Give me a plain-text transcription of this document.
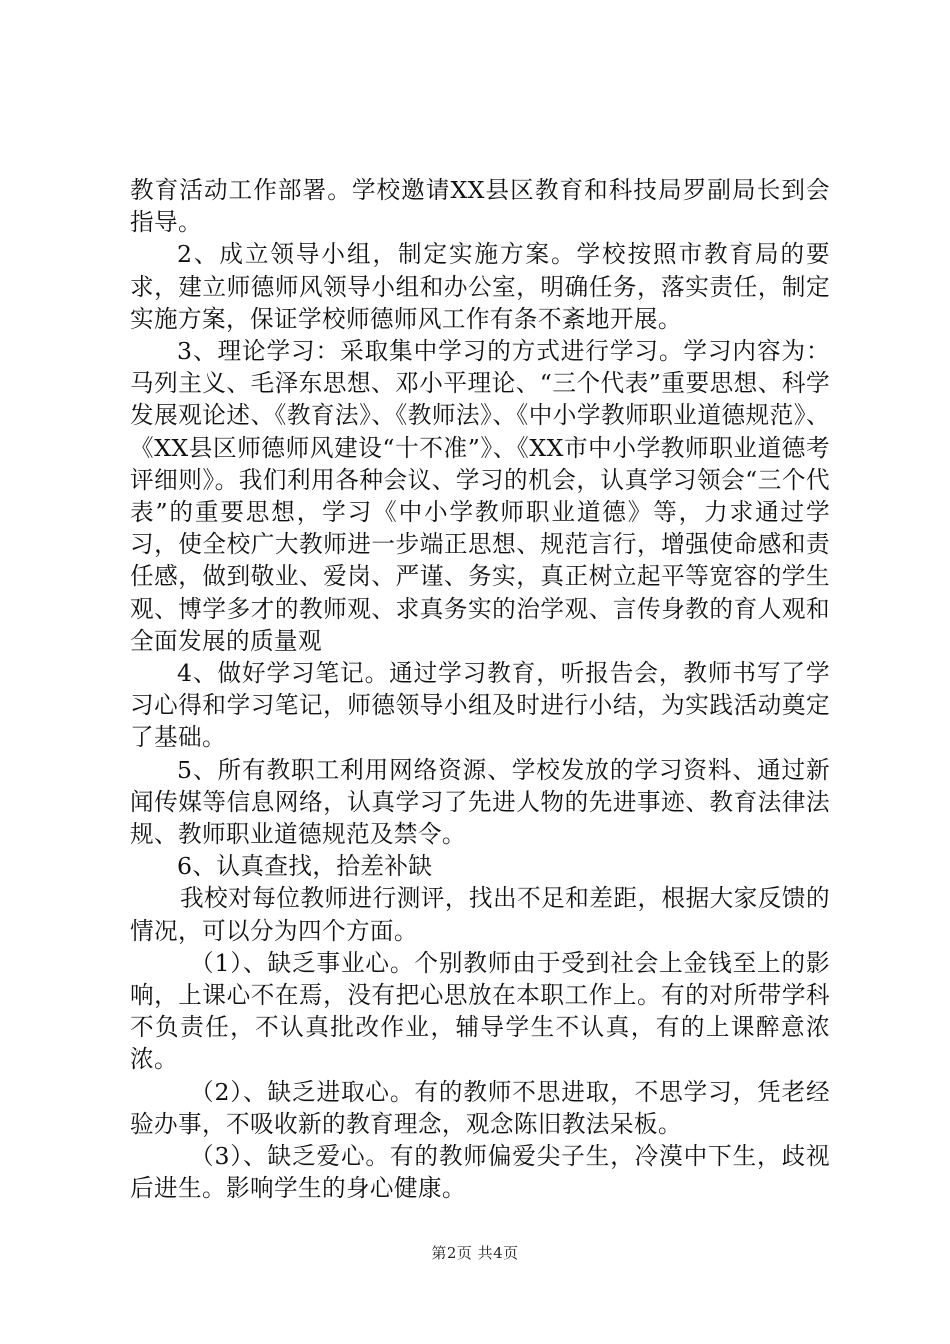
教育活动工作部署。学校邀请XX县区教育和科技局罗副局长到会指导。

2、成立领导小组，制定实施方案。学校按照市教育局的要求，建立师德师风领导小组和办公室，明确任务，落实责任，制定实施方案，保证学校师德师风工作有条不紊地开展。

3、理论学习：采取集中学习的方式进行学习。学习内容为：马列主义、毛泽东思想、邓小平理论、“三个代表”重要思想、科学发展观论述、《教育法》、《教师法》、《中小学教师职业道德规范》、《XX县区师德师风建设“十不准”》、《XX市中小学教师职业道德考评细则》。我们利用各种会议、学习的机会，认真学习领会“三个代表”的重要思想，学习《中小学教师职业道德》等，力求通过学习，使全校广大教师进一步端正思想、规范言行，增强使命感和责任感，做到敬业、爱岗、严谨、务实，真正树立起平等宽容的学生观、博学多才的教师观、求真务实的治学观、言传身教的育人观和全面发展的质量观

4、做好学习笔记。通过学习教育，听报告会，教师书写了学习心得和学习笔记，师德领导小组及时进行小结，为实践活动奠定了基础。

5、所有教职工利用网络资源、学校发放的学习资料、通过新闻传媒等信息网络，认真学习了先进人物的先进事迹、教育法律法规、教师职业道德规范及禁令。

6、认真查找，拾差补缺

我校对每位教师进行测评，找出不足和差距，根据大家反馈的情况，可以分为四个方面。

（1）、缺乏事业心。个别教师由于受到社会上金钱至上的影响，上课心不在焉，没有把心思放在本职工作上。有的对所带学科不负责任，不认真批改作业，辅导学生不认真，有的上课醉意浓浓。

（2）、缺乏进取心。有的教师不思进取，不思学习，凭老经验办事，不吸收新的教育理念，观念陈旧教法呆板。

（3）、缺乏爱心。有的教师偏爱尖子生，冷漠中下生，歧视后进生。影响学生的身心健康。

第2页 共4页
